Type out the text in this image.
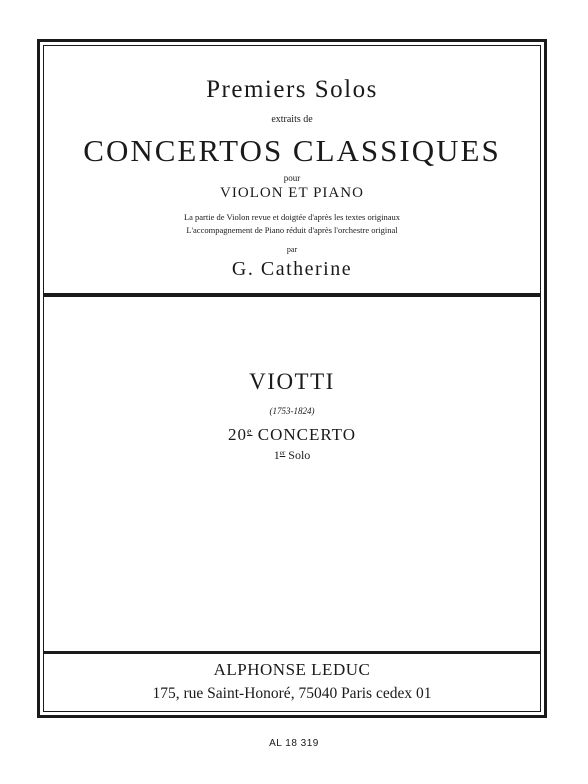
Premiers Solos
extraits de
CONCERTOS CLASSIQUES
pour
VIOLON ET PIANO
La partie de Violon revue et doigtée d'après les textes originaux
L'accompagnement de Piano réduit d'après l'orchestre original
par
G. Catherine
VIOTTI
(1753-1824)
20e CONCERTO
1er Solo
ALPHONSE LEDUC
175, rue Saint-Honoré, 75040 Paris cedex 01
AL 18 319
